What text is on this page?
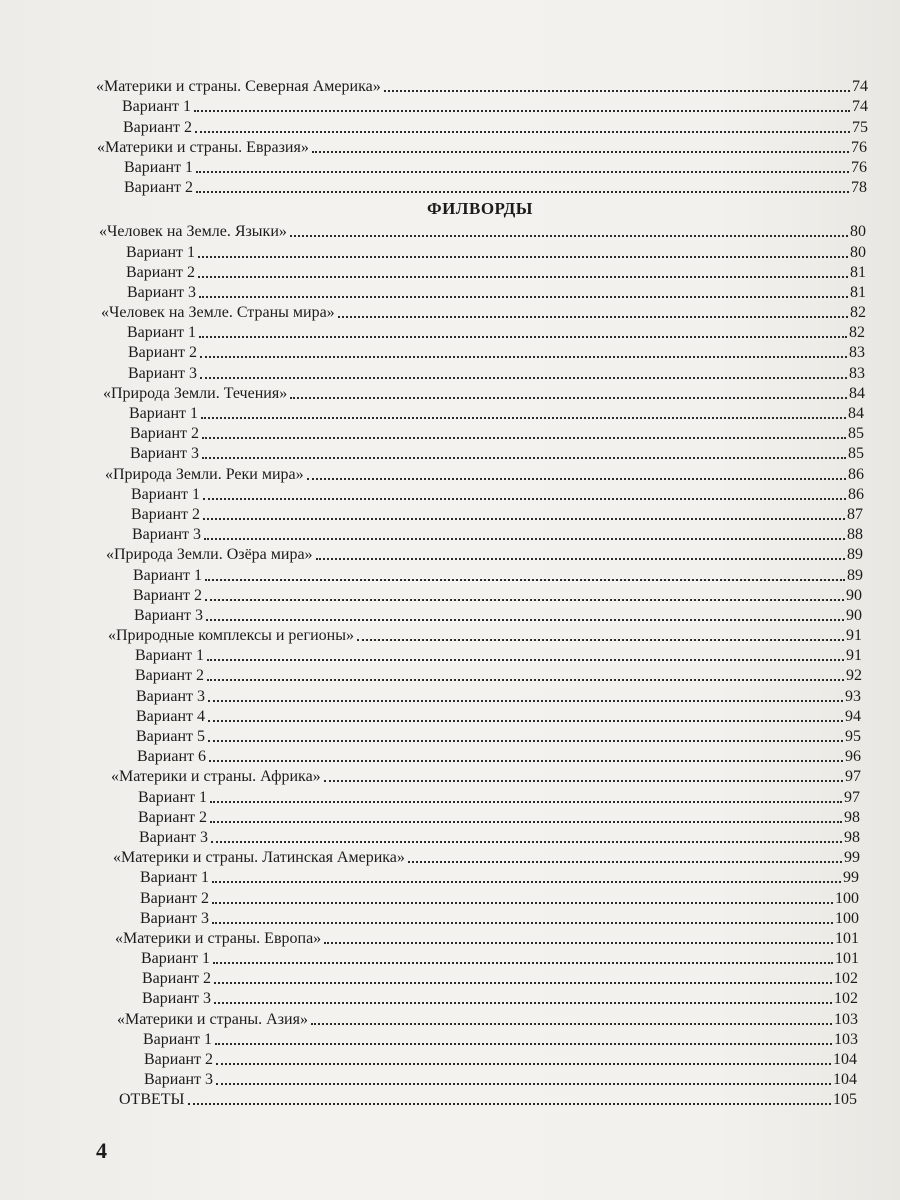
«Материки и страны. Северная Америка»	74
Вариант 1	74
Вариант 2	75
«Материки и страны. Евразия»	76
Вариант 1	76
Вариант 2	78
ФИЛВОРДЫ
«Человек на Земле. Языки»	80
Вариант 1	80
Вариант 2	81
Вариант 3	81
«Человек на Земле. Страны мира»	82
Вариант 1	82
Вариант 2	83
Вариант 3	83
«Природа Земли. Течения»	84
Вариант 1	84
Вариант 2	85
Вариант 3	85
«Природа Земли. Реки мира»	86
Вариант 1	86
Вариант 2	87
Вариант 3	88
«Природа Земли. Озёра мира»	89
Вариант 1	89
Вариант 2	90
Вариант 3	90
«Природные комплексы и регионы»	91
Вариант 1	91
Вариант 2	92
Вариант 3	93
Вариант 4	94
Вариант 5	95
Вариант 6	96
«Материки и страны. Африка»	97
Вариант 1	97
Вариант 2	98
Вариант 3	98
«Материки и страны. Латинская Америка»	99
Вариант 1	99
Вариант 2	100
Вариант 3	100
«Материки и страны. Европа»	101
Вариант 1	101
Вариант 2	102
Вариант 3	102
«Материки и страны. Азия»	103
Вариант 1	103
Вариант 2	104
Вариант 3	104
ОТВЕТЫ	105
4
